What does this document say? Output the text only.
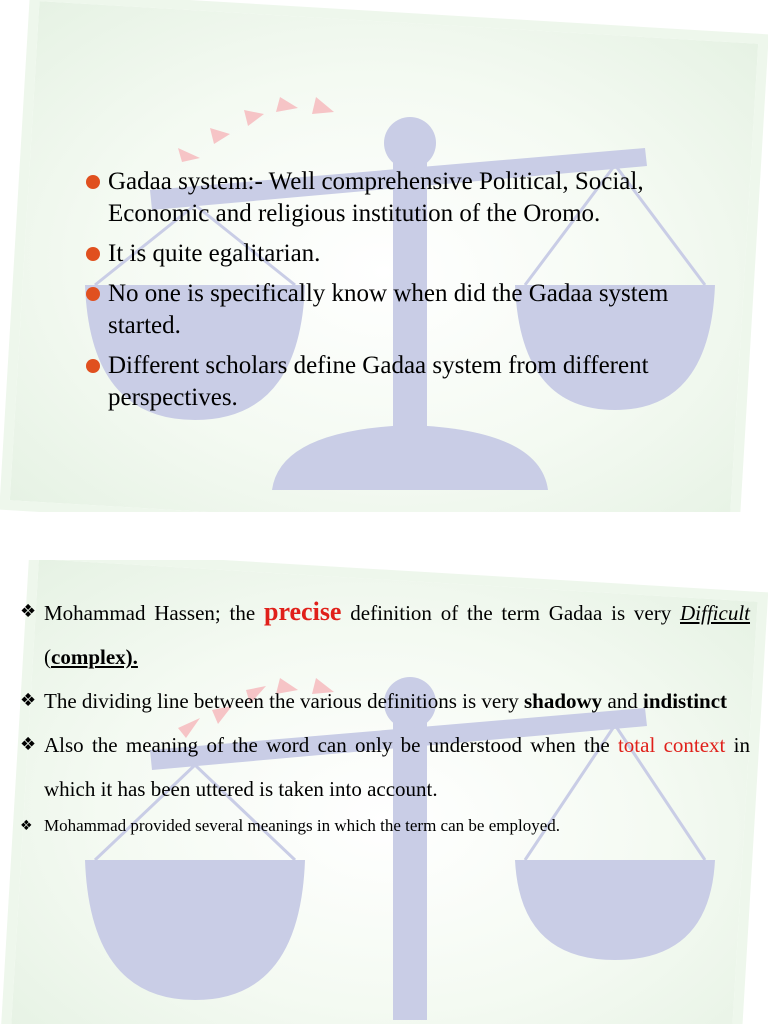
Gadaa system:- Well comprehensive Political, Social, Economic and religious institution of the Oromo.
It is quite egalitarian.
No one is specifically know when did the Gadaa system started.
Different scholars define Gadaa system from different perspectives.
❖ Mohammad Hassen; the precise definition of the term Gadaa is very Difficult (complex).
❖ The dividing line between the various definitions is very shadowy and indistinct
❖ Also the meaning of the word can only be understood when the total context in which it has been uttered is taken into account.
❖ Mohammad provided several meanings in which the term can be employed.
